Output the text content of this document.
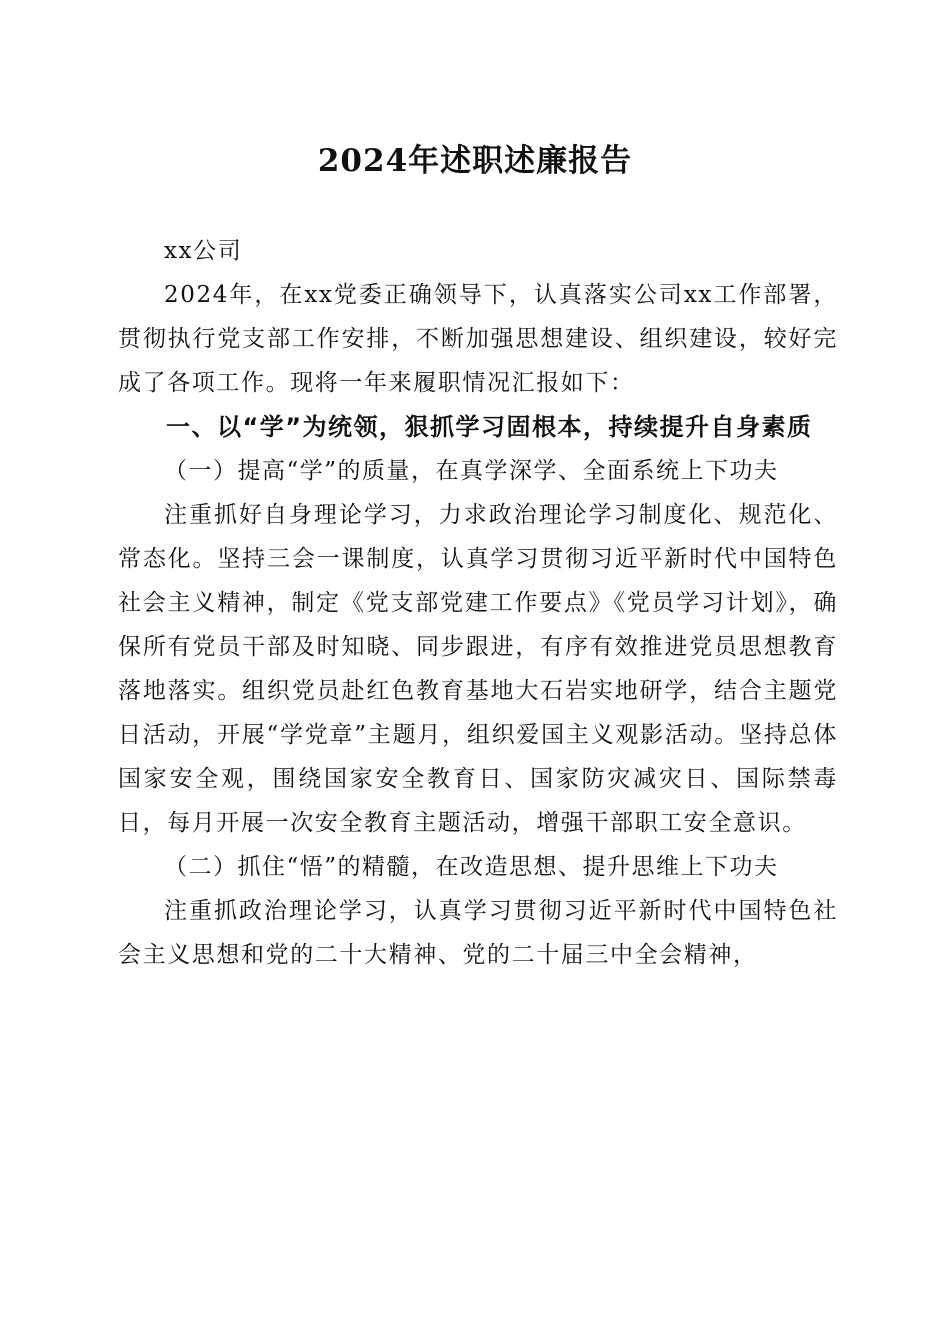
2024年述职述廉报告

xx公司

2024年，在xx党委正确领导下，认真落实公司xx工作部署，贯彻执行党支部工作安排，不断加强思想建设、组织建设，较好完成了各项工作。现将一年来履职情况汇报如下：

一、以“学”为统领，狠抓学习固根本，持续提升自身素质

（一）提高“学”的质量，在真学深学、全面系统上下功夫

注重抓好自身理论学习，力求政治理论学习制度化、规范化、常态化。坚持三会一课制度，认真学习贯彻习近平新时代中国特色社会主义精神，制定《党支部党建工作要点》《党员学习计划》，确保所有党员干部及时知晓、同步跟进，有序有效推进党员思想教育落地落实。组织党员赴红色教育基地大石岩实地研学，结合主题党日活动，开展“学党章”主题月，组织爱国主义观影活动。坚持总体国家安全观，围绕国家安全教育日、国家防灾减灾日、国际禁毒日，每月开展一次安全教育主题活动，增强干部职工安全意识。

（二）抓住“悟”的精髓，在改造思想、提升思维上下功夫

注重抓政治理论学习，认真学习贯彻习近平新时代中国特色社会主义思想和党的二十大精神、党的二十届三中全会精神，
